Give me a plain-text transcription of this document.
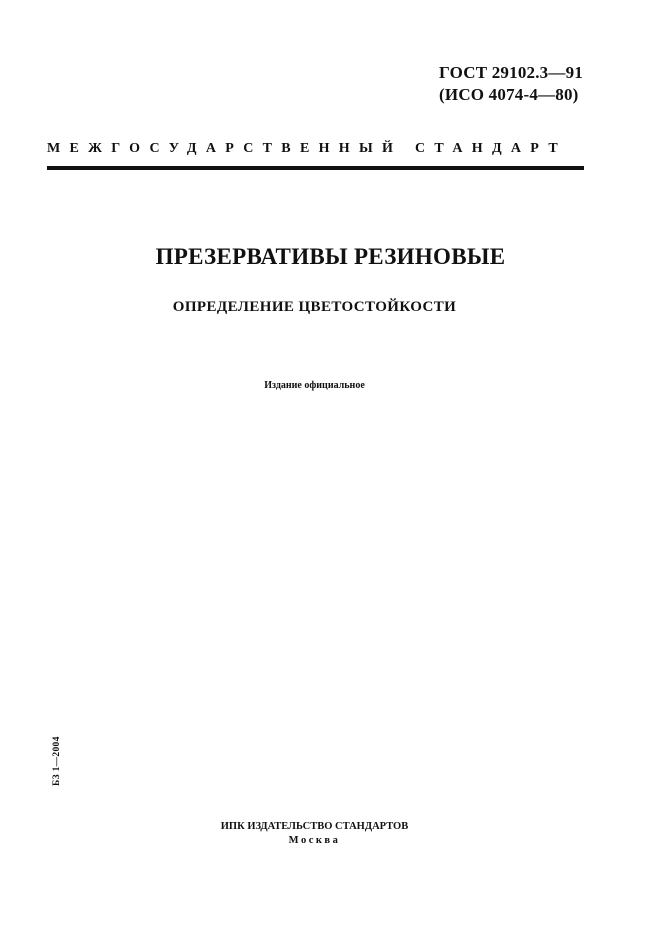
ГОСТ 29102.3—91
(ИСО 4074-4—80)
МЕЖГОСУДАРСТВЕННЫЙ СТАНДАРТ
ПРЕЗЕРВАТИВЫ РЕЗИНОВЫЕ
ОПРЕДЕЛЕНИЕ ЦВЕТОСТОЙКОСТИ
Издание официальное
БЗ 1—2004
ИПК ИЗДАТЕЛЬСТВО СТАНДАРТОВ
Москва
